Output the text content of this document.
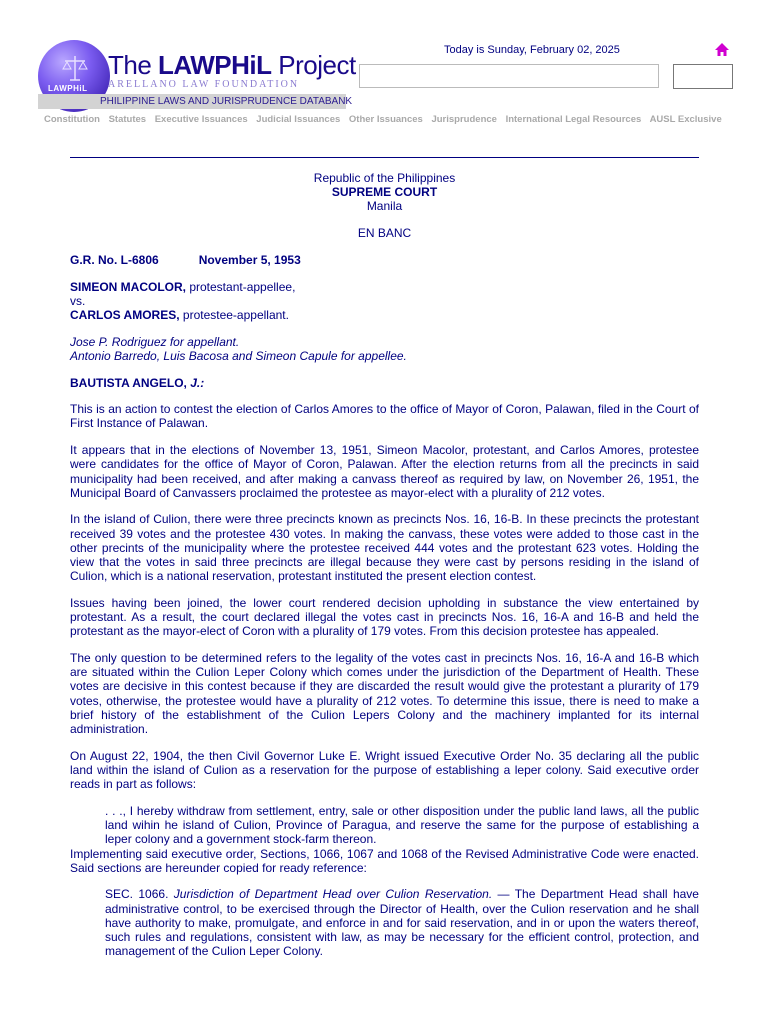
LAWPHiL
The LAWPHiL Project
ARELLANO LAW FOUNDATION
PHILIPPINE LAWS AND JURISPRUDENCE DATABANK
Today is Sunday, February 02, 2025
Constitution Statutes Executive Issuances Judicial Issuances Other Issuances Jurisprudence International Legal Resources AUSL Exclusive

Republic of the Philippines

SUPREME COURT

Manila

EN BANC

G.R. No. L-6806	November 5, 1953

SIMEON MACOLOR, protestant-appellee,

vs.

CARLOS AMORES, protestee-appellant.

Jose P. Rodriguez for appellant.

Antonio Barredo, Luis Bacosa and Simeon Capule for appellee.

BAUTISTA ANGELO, J.:

This is an action to contest the election of Carlos Amores to the office of Mayor of Coron, Palawan, filed in the Court of First Instance of Palawan.

It appears that in the elections of November 13, 1951, Simeon Macolor, protestant, and Carlos Amores, protestee were candidates for the office of Mayor of Coron, Palawan. After the election returns from all the precincts in said municipality had been received, and after making a canvass thereof as required by law, on November 26, 1951, the Municipal Board of Canvassers proclaimed the protestee as mayor-elect with a plurality of 212 votes.

In the island of Culion, there were three precincts known as precincts Nos. 16, 16-B. In these precincts the protestant received 39 votes and the protestee 430 votes. In making the canvass, these votes were added to those cast in the other precints of the municipality where the protestee received 444 votes and the protestant 623 votes. Holding the view that the votes in said three precincts are illegal because they were cast by persons residing in the island of Culion, which is a national reservation, protestant instituted the present election contest.

Issues having been joined, the lower court rendered decision upholding in substance the view entertained by protestant. As a result, the court declared illegal the votes cast in precincts Nos. 16, 16-A and 16-B and held the protestant as the mayor-elect of Coron with a plurality of 179 votes. From this decision protestee has appealed.

The only question to be determined refers to the legality of the votes cast in precincts Nos. 16, 16-A and 16-B which are situated within the Culion Leper Colony which comes under the jurisdiction of the Department of Health. These votes are decisive in this contest because if they are discarded the result would give the protestant a plurarity of 179 votes, otherwise, the protestee would have a plurality of 212 votes. To determine this issue, there is need to make a brief history of the establishment of the Culion Lepers Colony and the machinery implanted for its internal administration.

On August 22, 1904, the then Civil Governor Luke E. Wright issued Executive Order No. 35 declaring all the public land within the island of Culion as a reservation for the purpose of establishing a leper colony. Said executive order reads in part as follows:

. . ., I hereby withdraw from settlement, entry, sale or other disposition under the public land laws, all the public land wihin he island of Culion, Province of Paragua, and reserve the same for the purpose of establishing a leper colony and a government stock-farm thereon.

Implementing said executive order, Sections, 1066, 1067 and 1068 of the Revised Administrative Code were enacted. Said sections are hereunder copied for ready reference:

SEC. 1066. Jurisdiction of Department Head over Culion Reservation. — The Department Head shall have administrative control, to be exercised through the Director of Health, over the Culion reservation and he shall have authority to make, promulgate, and enforce in and for said reservation, and in or upon the waters thereof, such rules and regulations, consistent with law, as may be necessary for the efficient control, protection, and management of the Culion Leper Colony.
